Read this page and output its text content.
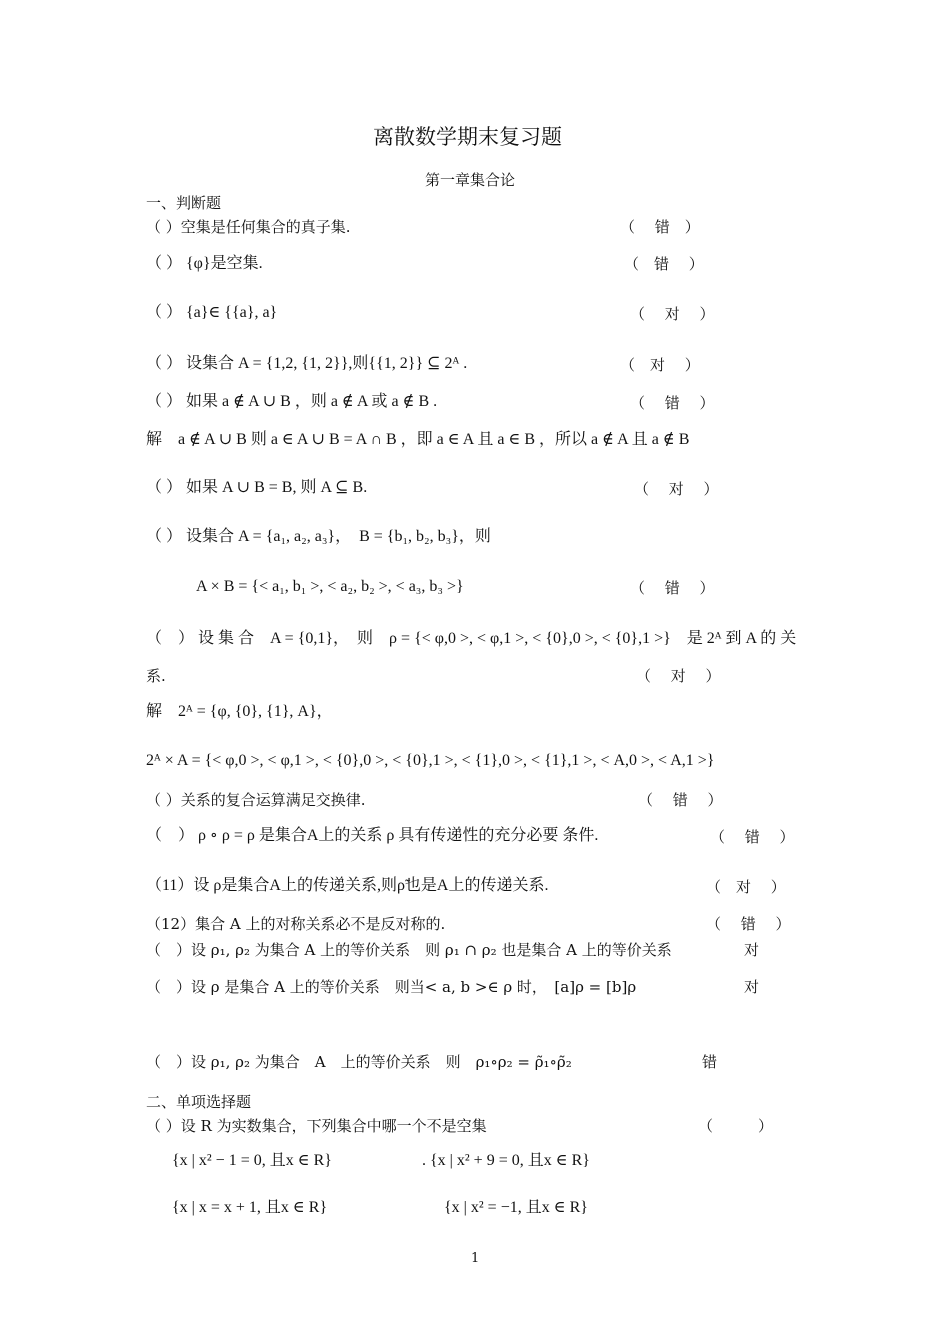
离散数学期末复习题
第一章集合论
一、判断题
（ ）空集是任何集合的真子集.	（　 错　）
（ ） {φ}是空集.	（　错　 ）
（ ） {a}∈ {{a}, a}	（　 对　 ）
（ ） 设集合 A = {1,2, {1, 2}},则{{1, 2}} ⊆ 2ᴬ .	（　对　 ）
（ ） 如果 a ∉ A ∪ B ，则 a ∉ A 或 a ∉ B .	（　 错　 ）
解　a ∉ A ∪ B 则 a ∈ A ∪ B = A ∩ B ，即 a ∈ A 且 a ∈ B ，所以 a ∉ A 且 a ∉ B
（ ） 如果 A ∪ B = B, 则 A ⊆ B.	（　 对　 ）
（ ） 设集合 A = {a₁, a₂, a₃}，　B = {b₁, b₂, b₃}，则
A × B = {< a₁, b₁ >, < a₂, b₂ >, < a₃, b₃ >}	（　 错　 ）
（　） 设 集 合　A = {0,1}，　则　ρ = {< φ,0 >, < φ,1 >, < {0},0 >, < {0},1 >}　是 2ᴬ 到 A 的 关
系.	（　 对　 ）
解　2ᴬ = {φ, {0}, {1}, A}，
2ᴬ × A = {< φ,0 >, < φ,1 >, < {0},0 >, < {0},1 >, < {1},0 >, < {1},1 >, < A,0 >, < A,1 >}
（ ）关系的复合运算满足交换律.	（　 错　 ）
（　） ρ ∘ ρ = ρ 是集合A上的关系 ρ 具有传递性的充分必要 条件.	（　 错　 ）
（11）设 ρ是集合A上的传递关系,则ρ̃也是A上的传递关系.	（　对　 ）
（12）集合 A 上的对称关系必不是反对称的.	（　 错　 ）
（　）设 ρ₁, ρ₂ 为集合 A 上的等价关系　则 ρ₁ ∩ ρ₂ 也是集合 A 上的等价关系	对
（　）设 ρ 是集合 A 上的等价关系　则当< a, b >∈ ρ 时，　[a]ρ = [b]ρ	对
（　）设 ρ₁, ρ₂ 为集合　A　上的等价关系　则　ρ₁∘ρ₂ = ρ̃₁∘ρ̃₂	错
二、单项选择题
（ ）设 R 为实数集合，下列集合中哪一个不是空集	（　　　）
{x | x² − 1 = 0, 且x ∈ R}	. {x | x² + 9 = 0, 且x ∈ R}
{x | x = x + 1, 且x ∈ R}	{x | x² = −1, 且x ∈ R}
1
